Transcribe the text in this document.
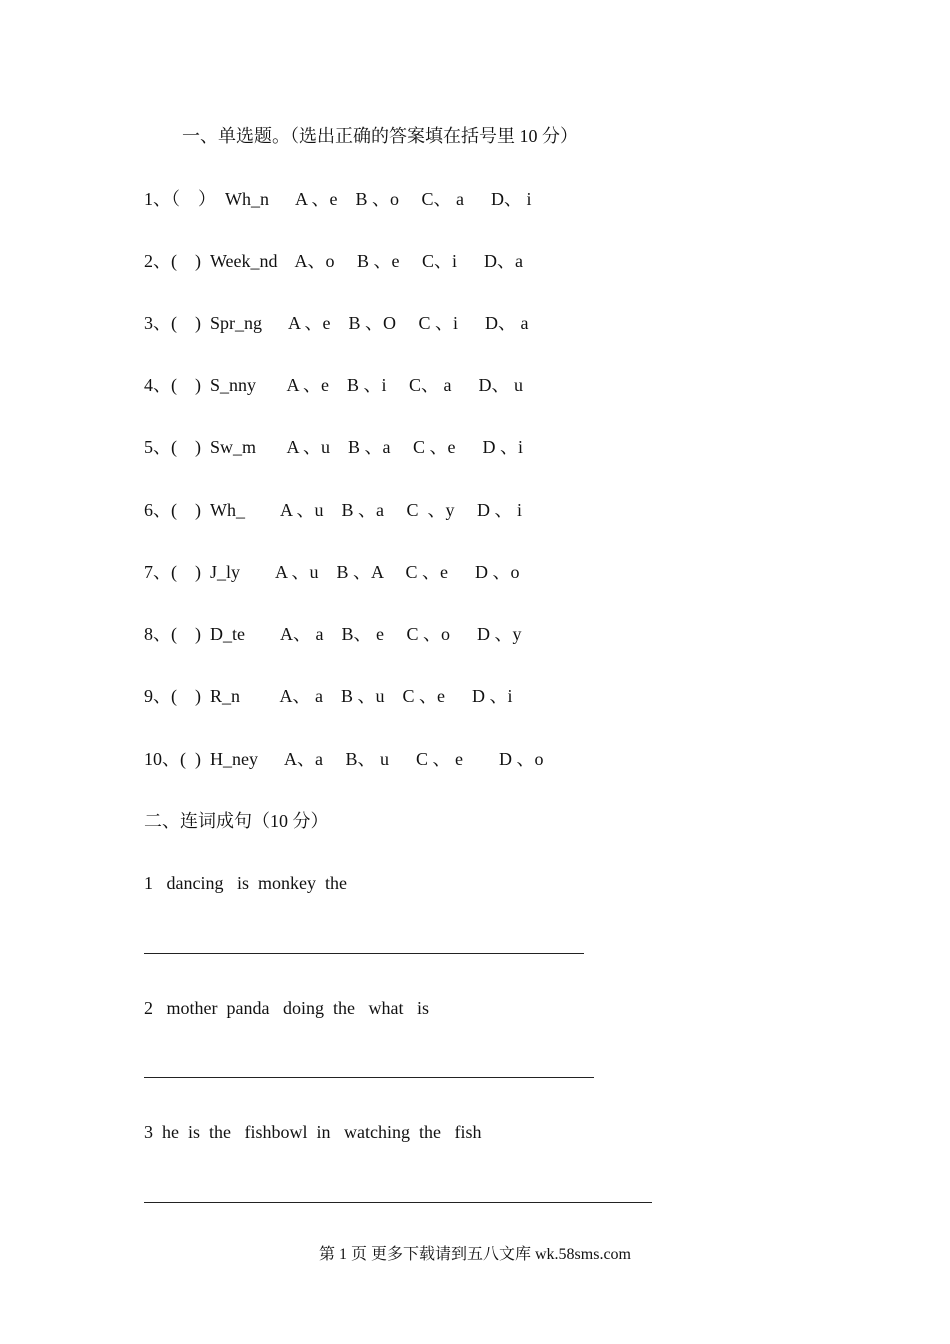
一、单选题。（选出正确的答案填在括号里 10 分）
1、（    ）  Wh_n      A 、e    B 、o     C、 a      D、 i
2、(    )  Week_nd    A、o     B 、e     C、i      D、a
3、(    )  Spr_ng      A 、e    B 、O     C 、i      D、 a
4、(    )  S_nny       A 、e    B 、i     C、 a      D、 u
5、(    )  Sw_m       A 、u    B 、a     C 、e      D 、i
6、(    )  Wh_        A 、u    B 、a     C  、y     D 、 i
7、(    )  J_ly        A 、u    B 、A     C 、e      D 、o
8、(    )  D_te        A、 a    B、 e     C 、o      D 、y
9、(    )  R_n         A、 a    B 、u    C 、e      D 、i
10、(  )  H_ney      A、a     B、 u      C 、 e        D 、o
二、连词成句（10 分）
1   dancing   is  monkey  the
2   mother  panda   doing  the   what   is
3  he  is  the   fishbowl  in   watching  the   fish
第 1 页 更多下载请到五八文库 wk.58sms.com
